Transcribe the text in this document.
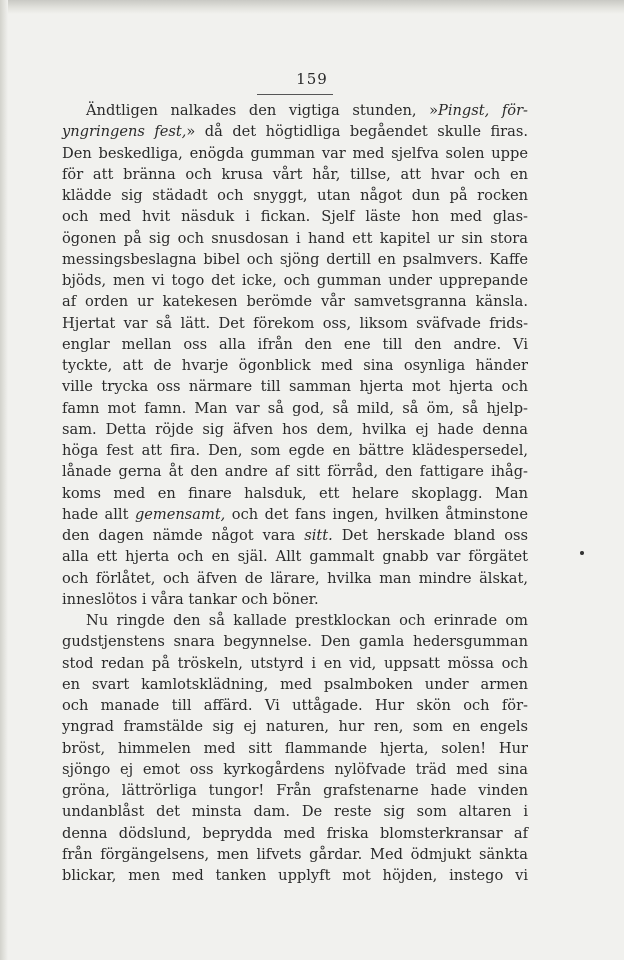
159
Ändtligen nalkades den vigtiga stunden, »Pingst, för-
yngringens fest,» då det högtidliga begåendet skulle firas.
Den beskedliga, enögda gumman var med sjelfva solen uppe
för att bränna och krusa vårt hår, tillse, att hvar och en
klädde sig städadt och snyggt, utan något dun på rocken
och med hvit näsduk i fickan. Sjelf läste hon med glas-
ögonen på sig och snusdosan i hand ett kapitel ur sin stora
messingsbeslagna bibel och sjöng dertill en psalmvers. Kaffe
bjöds, men vi togo det icke, och gumman under upprepande
af orden ur katekesen berömde vår samvetsgranna känsla.
Hjertat var så lätt. Det förekom oss, liksom sväfvade frids-
englar mellan oss alla ifrån den ene till den andre. Vi
tyckte, att de hvarje ögonblick med sina osynliga händer
ville trycka oss närmare till samman hjerta mot hjerta och
famn mot famn. Man var så god, så mild, så öm, så hjelp-
sam. Detta röjde sig äfven hos dem, hvilka ej hade denna
höga fest att fira. Den, som egde en bättre klädespersedel,
lånade gerna åt den andre af sitt förråd, den fattigare ihåg-
koms med en finare halsduk, ett helare skoplagg. Man
hade allt gemensamt, och det fans ingen, hvilken åtminstone
den dagen nämde något vara sitt. Det herskade bland oss
alla ett hjerta och en själ. Allt gammalt gnabb var förgätet
och förlåtet, och äfven de lärare, hvilka man mindre älskat,
inneslötos i våra tankar och böner.
Nu ringde den så kallade prestklockan och erinrade om
gudstjenstens snara begynnelse. Den gamla hedersgumman
stod redan på tröskeln, utstyrd i en vid, uppsatt mössa och
en svart kamlotsklädning, med psalmboken under armen
och manade till affärd. Vi uttågade. Hur skön och för-
yngrad framstälde sig ej naturen, hur ren, som en engels
bröst, himmelen med sitt flammande hjerta, solen! Hur
sjöngo ej emot oss kyrkogårdens nylöfvade träd med sina
gröna, lättrörliga tungor! Från grafstenarne hade vinden
undanblåst det minsta dam. De reste sig som altaren i
denna dödslund, beprydda med friska blomsterkransar af
från förgängelsens, men lifvets gårdar. Med ödmjukt sänkta
blickar, men med tanken upplyft mot höjden, instego vi
